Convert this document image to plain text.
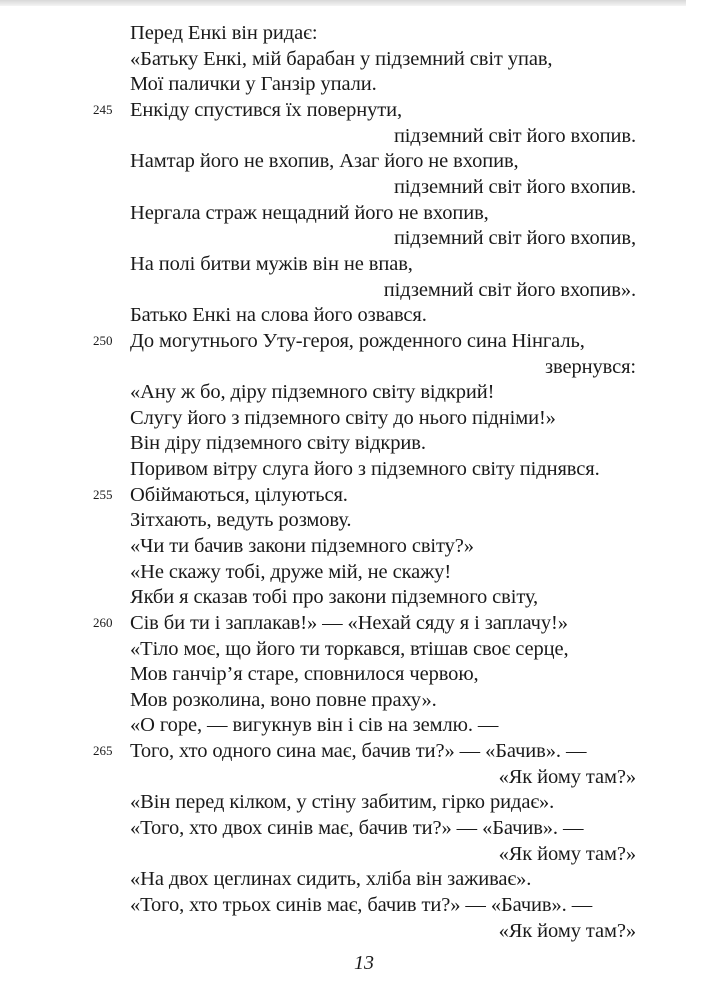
Перед Енкі він ридає:
«Батьку Енкі, мій барабан у підземний світ упав,
Мої палички у Ганзір упали.
245 Енкіду спустився їх повернути,
підземний світ його вхопив.
Намтар його не вхопив, Азаг його не вхопив,
підземний світ його вхопив.
Нергала страж нещадний його не вхопив,
підземний світ його вхопив,
На полі битви мужів він не впав,
підземний світ його вхопив».
Батько Енкі на слова його озвався.
250 До могутнього Уту-героя, рожденного сина Нінгаль,
звернувся:
«Ану ж бо, діру підземного світу відкрий!
Слугу його з підземного світу до нього підніми!»
Він діру підземного світу відкрив.
Поривом вітру слуга його з підземного світу піднявся.
255 Обіймаються, цілуються.
Зітхають, ведуть розмову.
«Чи ти бачив закони підземного світу?»
«Не скажу тобі, друже мій, не скажу!
Якби я сказав тобі про закони підземного світу,
260 Сів би ти і заплакав!» — «Нехай сяду я і заплачу!»
«Тіло моє, що його ти торкався, втішав своє серце,
Мов ганчір’я старе, сповнилося червою,
Мов розколина, воно повне праху».
«О горе, — вигукнув він і сів на землю. —
265 Того, хто одного сина має, бачив ти?» — «Бачив». —
«Як йому там?»
«Він перед кілком, у стіну забитим, гірко ридає».
«Того, хто двох синів має, бачив ти?» — «Бачив». —
«Як йому там?»
«На двох цеглинах сидить, хліба він заживає».
«Того, хто трьох синів має, бачив ти?» — «Бачив». —
«Як йому там?»
13
